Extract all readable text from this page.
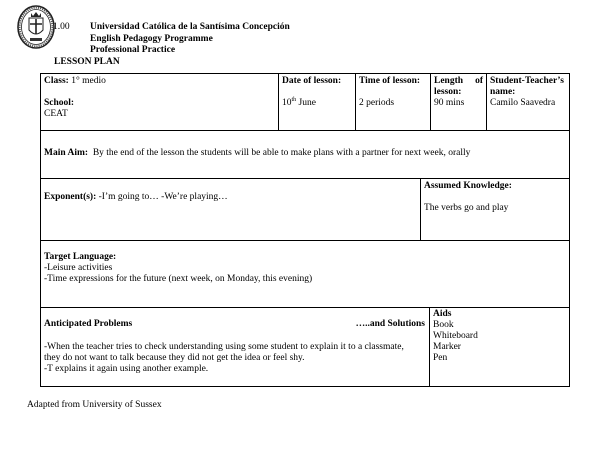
1.00 Universidad Católica de la Santísima Concepción
English Pedagogy Programme
Professional Practice
LESSON PLAN
Class: 1° medio
School:
CEAT
Date of lesson:
10th June
Time of lesson:
2 periods
Length of
lesson:
90 mins
Student-Teacher’s
name:
Camilo Saavedra
Main Aim: By the end of the lesson the students will be able to make plans with a partner for next week, orally
Exponent(s): -I’m going to… -We’re playing…
Assumed Knowledge:
The verbs go and play
Target Language:
-Leisure activities
-Time expressions for the future (next week, on Monday, this evening)
Anticipated Problems	…..and Solutions
-When the teacher tries to check understanding using some student to explain it to a classmate,
they do not want to talk because they did not get the idea or feel shy.
-T explains it again using another example.
Aids
Book
Whiteboard
Marker
Pen
Adapted from University of Sussex
